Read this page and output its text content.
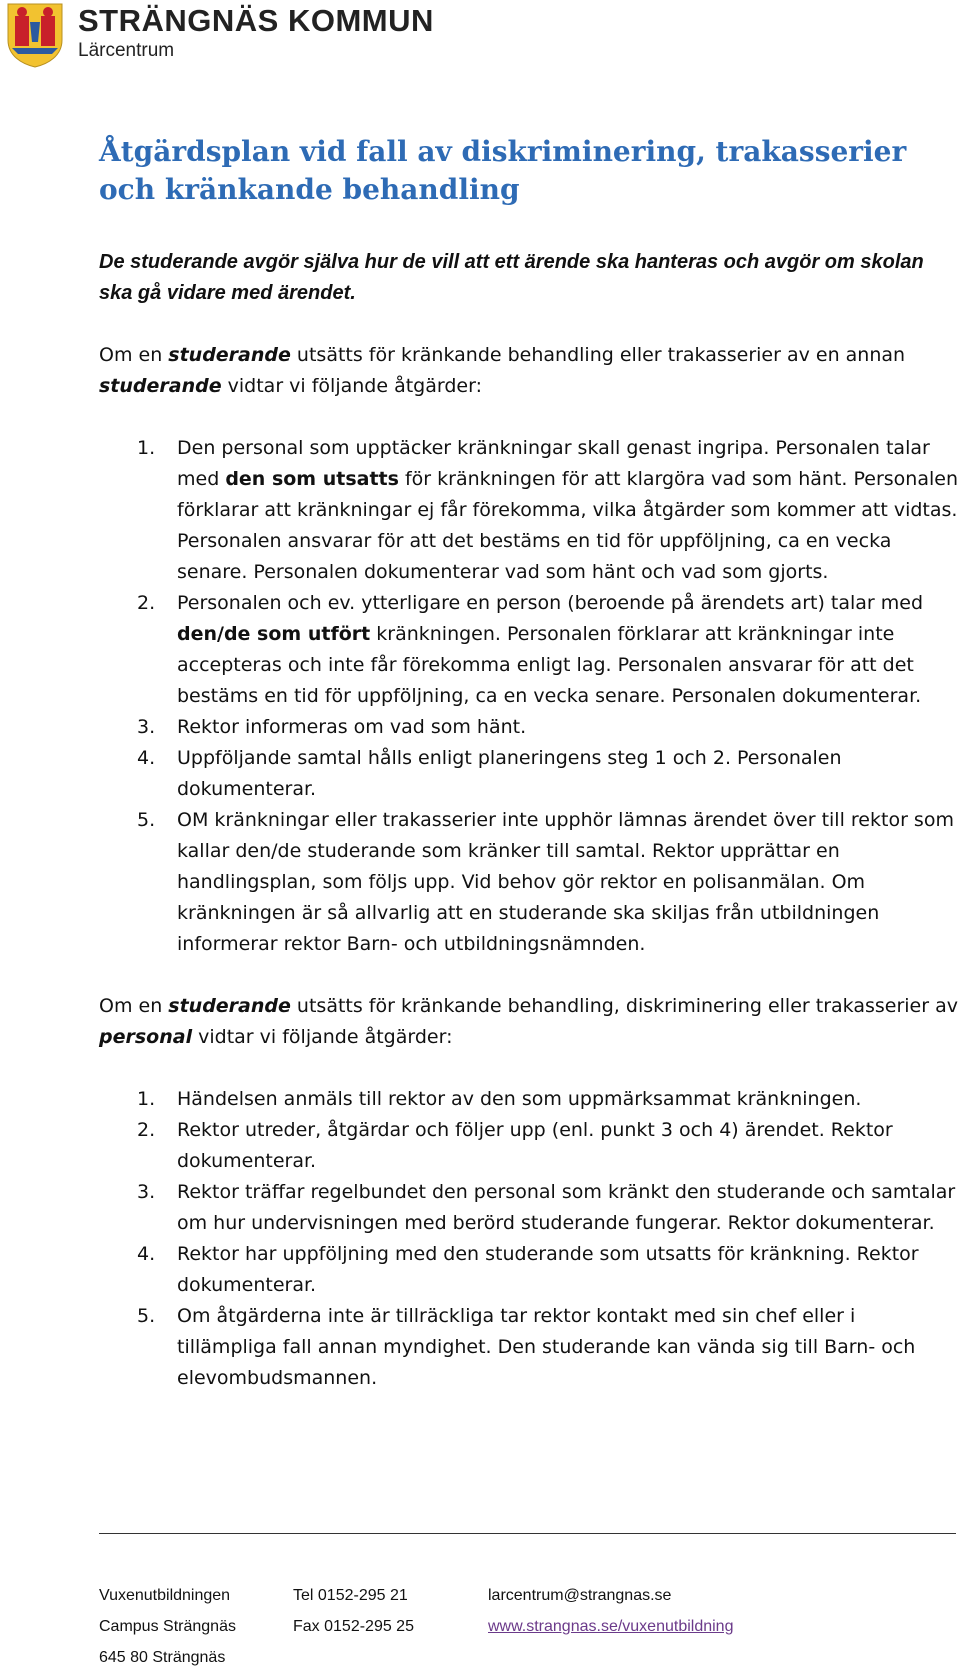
STRÄNGNÄS KOMMUN
Lärcentrum
Åtgärdsplan vid fall av diskriminering, trakasserier och kränkande behandling

De studerande avgör själva hur de vill att ett ärende ska hanteras och avgör om skolan ska gå vidare med ärendet.

Om en studerande utsätts för kränkande behandling eller trakasserier av en annan studerande vidtar vi följande åtgärder:

1. Den personal som upptäcker kränkningar skall genast ingripa. Personalen talar med den som utsatts för kränkningen för att klargöra vad som hänt. Personalen förklarar att kränkningar ej får förekomma, vilka åtgärder som kommer att vidtas. Personalen ansvarar för att det bestäms en tid för uppföljning, ca en vecka senare. Personalen dokumenterar vad som hänt och vad som gjorts.
2. Personalen och ev. ytterligare en person (beroende på ärendets art) talar med den/de som utfört kränkningen. Personalen förklarar att kränkningar inte accepteras och inte får förekomma enligt lag. Personalen ansvarar för att det bestäms en tid för uppföljning, ca en vecka senare. Personalen dokumenterar.
3. Rektor informeras om vad som hänt.
4. Uppföljande samtal hålls enligt planeringens steg 1 och 2. Personalen dokumenterar.
5. OM kränkningar eller trakasserier inte upphör lämnas ärendet över till rektor som kallar den/de studerande som kränker till samtal. Rektor upprättar en handlingsplan, som följs upp. Vid behov gör rektor en polisanmälan. Om kränkningen är så allvarlig att en studerande ska skiljas från utbildningen informerar rektor Barn- och utbildningsnämnden.

Om en studerande utsätts för kränkande behandling, diskriminering eller trakasserier av personal vidtar vi följande åtgärder:

1. Händelsen anmäls till rektor av den som uppmärksammat kränkningen.
2. Rektor utreder, åtgärdar och följer upp (enl. punkt 3 och 4) ärendet. Rektor dokumenterar.
3. Rektor träffar regelbundet den personal som kränkt den studerande och samtalar om hur undervisningen med berörd studerande fungerar. Rektor dokumenterar.
4. Rektor har uppföljning med den studerande som utsatts för kränkning. Rektor dokumenterar.
5. Om åtgärderna inte är tillräckliga tar rektor kontakt med sin chef eller i tillämpliga fall annan myndighet. Den studerande kan vända sig till Barn- och elevombudsmannen.
Vuxenutbildningen
Campus Strängnäs
645 80 Strängnäs
Tel 0152-295 21
Fax 0152-295 25
larcentrum@strangnas.se
www.strangnas.se/vuxenutbildning
